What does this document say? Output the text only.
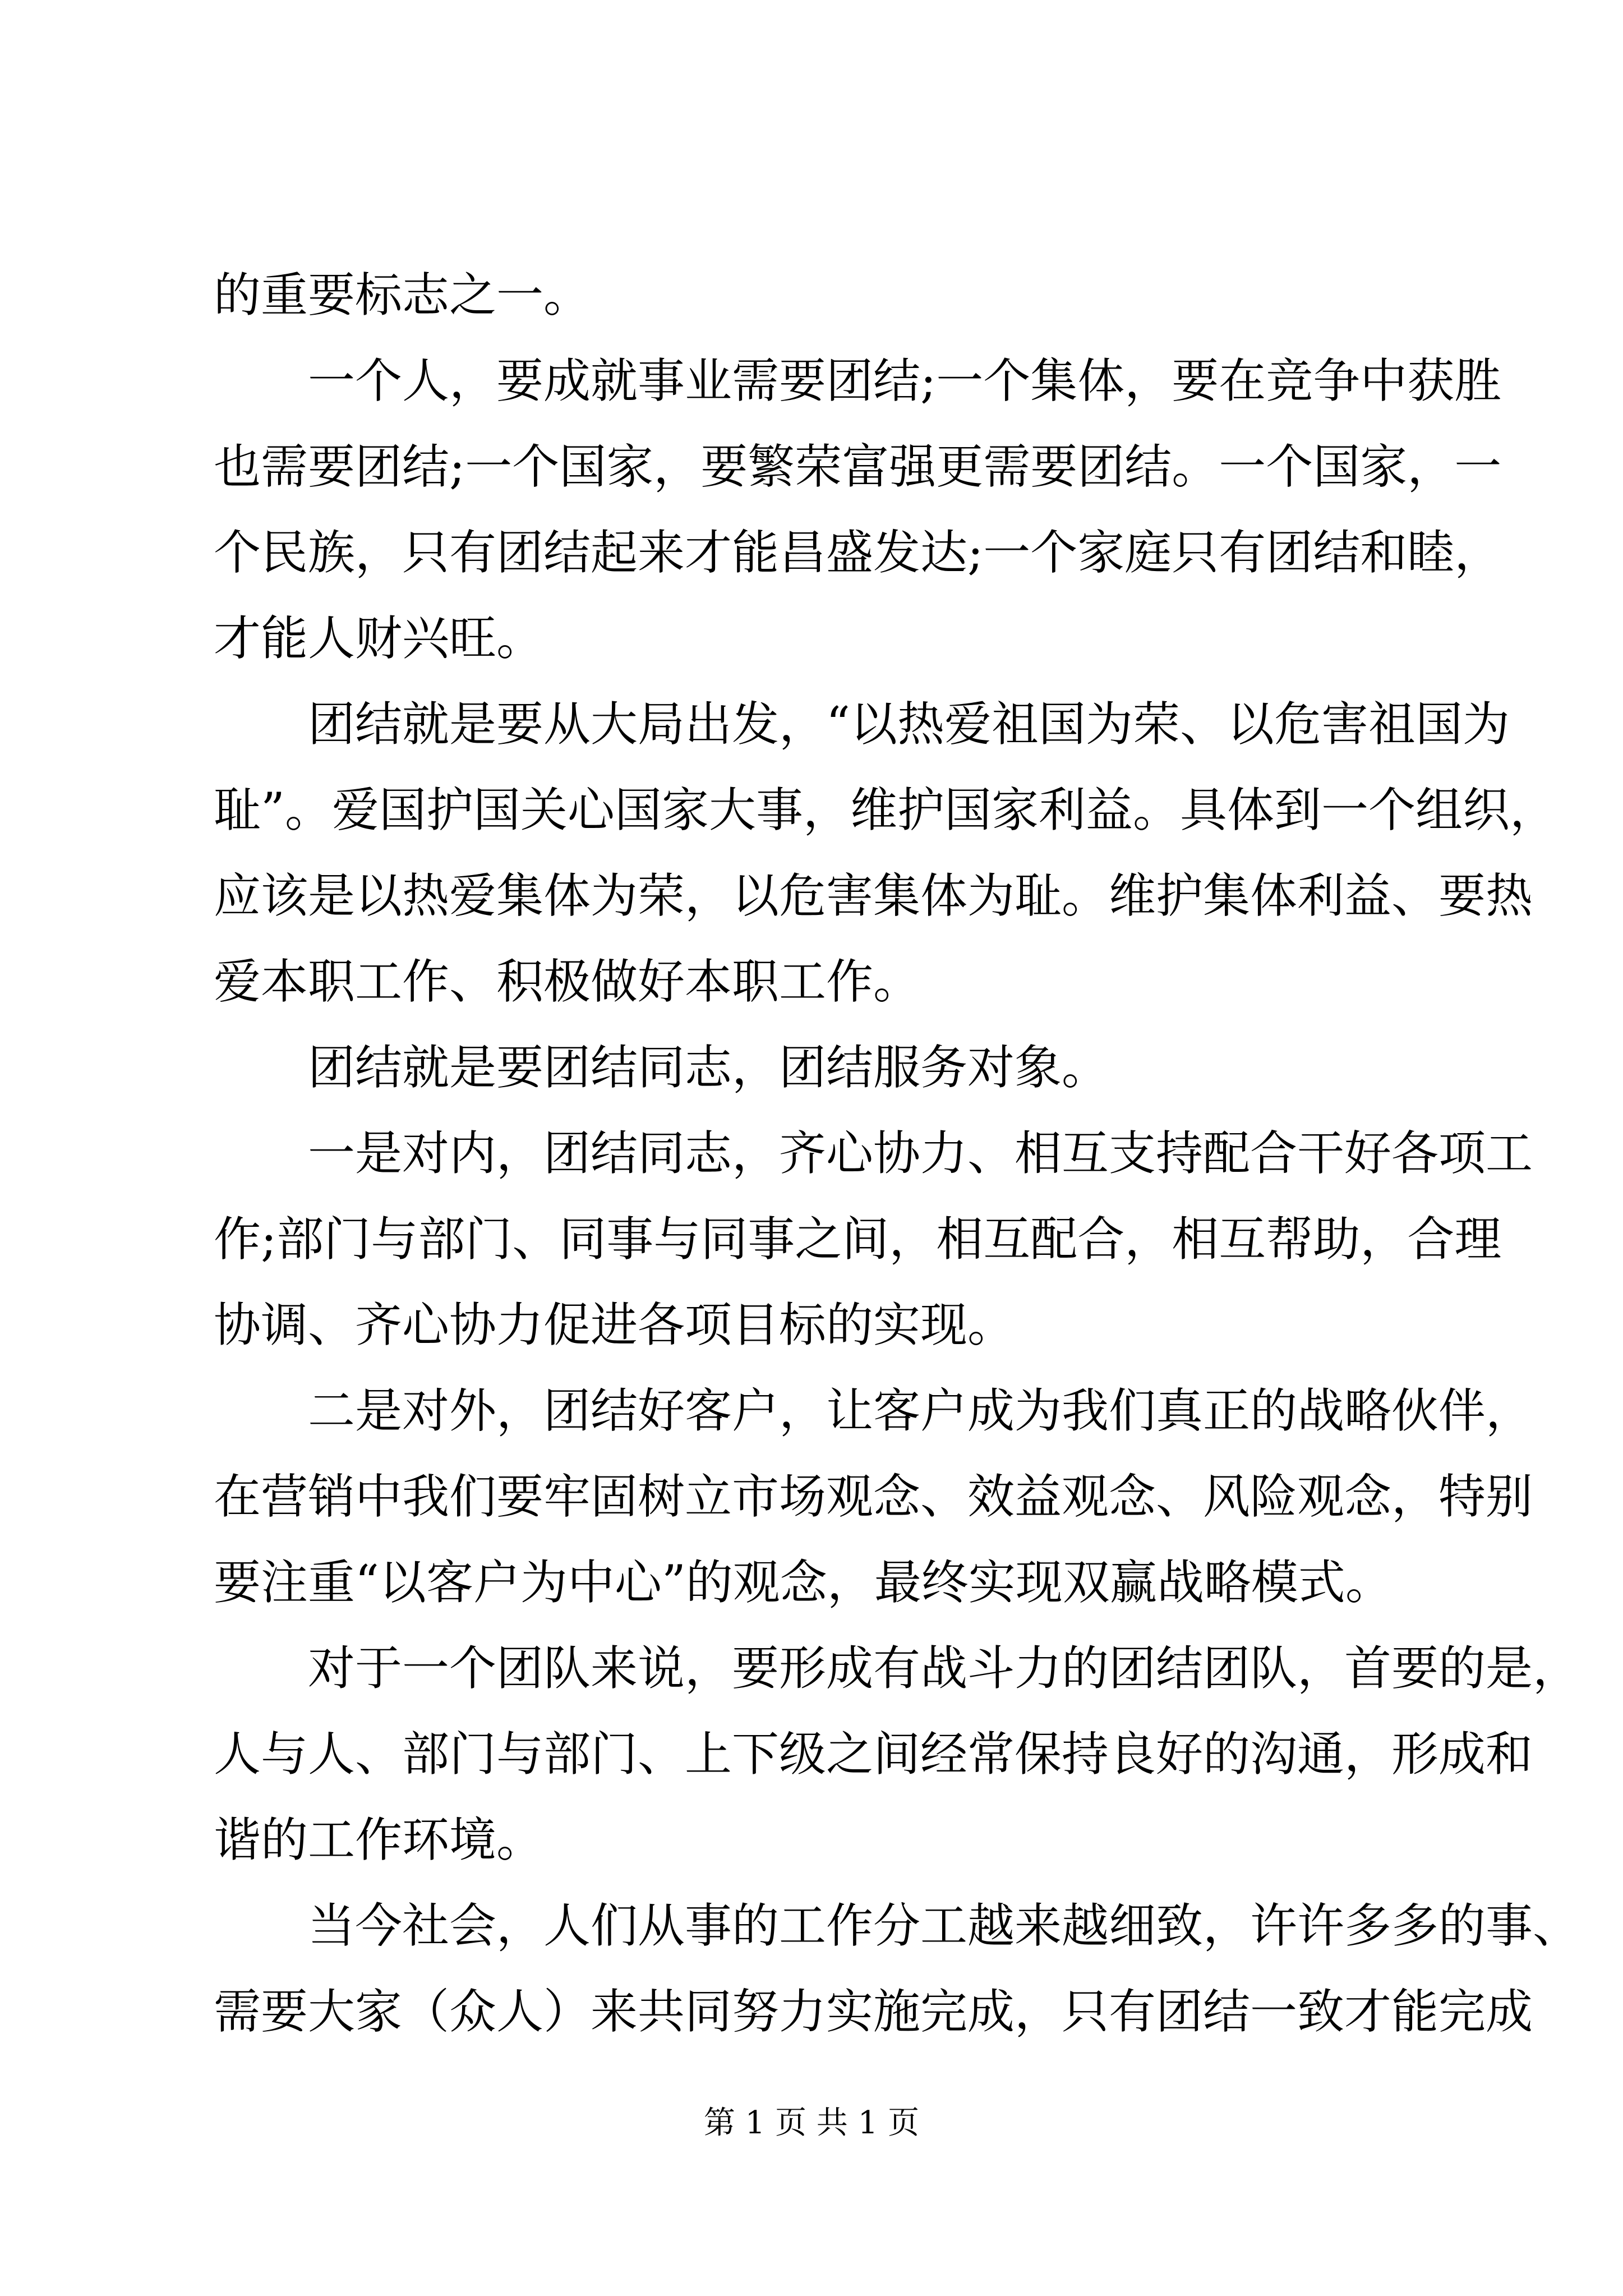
的重要标志之一。
一个人，要成就事业需要团结;一个集体，要在竞争中获胜
也需要团结;一个国家，要繁荣富强更需要团结。一个国家，一
个民族，只有团结起来才能昌盛发达;一个家庭只有团结和睦，
才能人财兴旺。
团结就是要从大局出发，“以热爱祖国为荣、以危害祖国为
耻”。爱国护国关心国家大事，维护国家利益。具体到一个组织，
应该是以热爱集体为荣，以危害集体为耻。维护集体利益、要热
爱本职工作、积极做好本职工作。
团结就是要团结同志，团结服务对象。
一是对内，团结同志，齐心协力、相互支持配合干好各项工
作;部门与部门、同事与同事之间，相互配合，相互帮助，合理
协调、齐心协力促进各项目标的实现。
二是对外，团结好客户，让客户成为我们真正的战略伙伴，
在营销中我们要牢固树立市场观念、效益观念、风险观念，特别
要注重“以客户为中心”的观念，最终实现双赢战略模式。
对于一个团队来说，要形成有战斗力的团结团队，首要的是，
人与人、部门与部门、上下级之间经常保持良好的沟通，形成和
谐的工作环境。
当今社会，人们从事的工作分工越来越细致，许许多多的事、
需要大家（众人）来共同努力实施完成，只有团结一致才能完成
第 1 页 共 1 页
